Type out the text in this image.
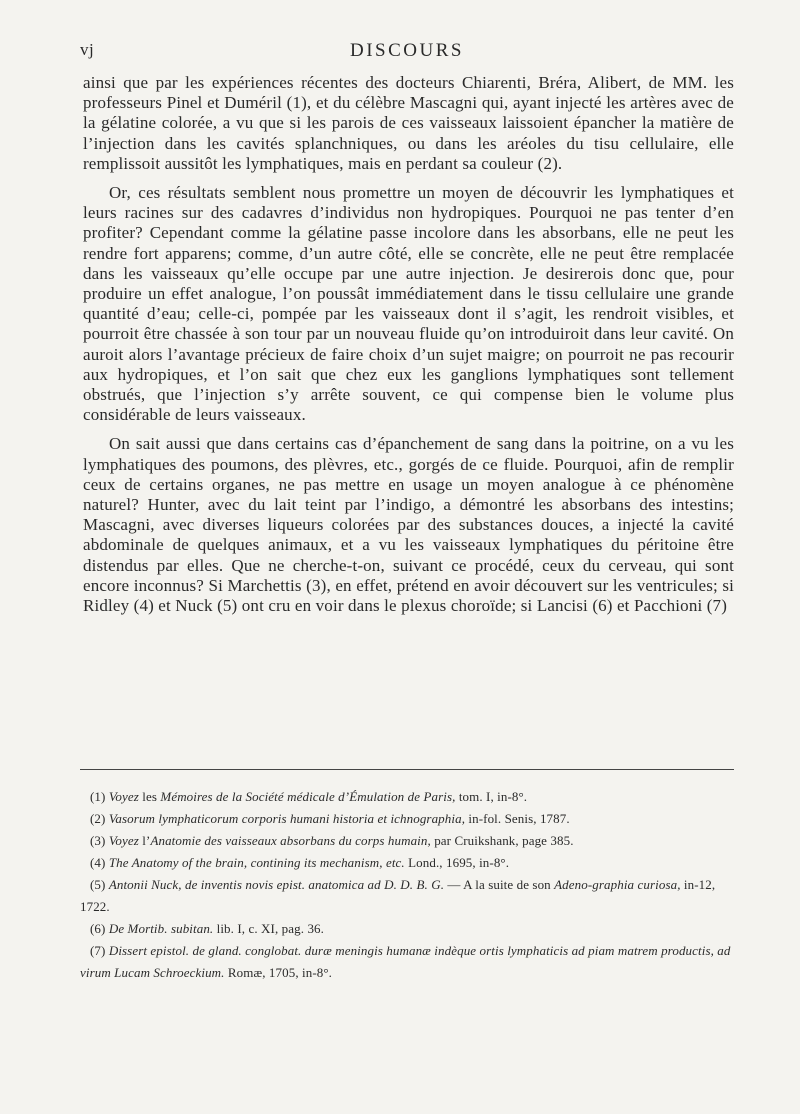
vj	DISCOURS

ainsi que par les expériences récentes des docteurs Chiarenti, Bréra, Alibert, de MM. les professeurs Pinel et Duméril (1), et du célèbre Mascagni qui, ayant injecté les artères avec de la gélatine colorée, a vu que si les parois de ces vaisseaux laissoient épancher la matière de l’injection dans les cavités splanchniques, ou dans les aréoles du tisu cellulaire, elle remplissoit aussitôt les lymphatiques, mais en perdant sa couleur (2).

Or, ces résultats semblent nous promettre un moyen de découvrir les lymphatiques et leurs racines sur des cadavres d’individus non hydropiques. Pourquoi ne pas tenter d’en profiter? Cependant comme la gélatine passe incolore dans les absorbans, elle ne peut les rendre fort apparens; comme, d’un autre côté, elle se concrète, elle ne peut être remplacée dans les vaisseaux qu’elle occupe par une autre injection. Je desirerois donc que, pour produire un effet analogue, l’on poussât immédiatement dans le tissu cellulaire une grande quantité d’eau; celle-ci, pompée par les vaisseaux dont il s’agit, les rendroit visibles, et pourroit être chassée à son tour par un nouveau fluide qu’on introduiroit dans leur cavité. On auroit alors l’avantage précieux de faire choix d’un sujet maigre; on pourroit ne pas recourir aux hydropiques, et l’on sait que chez eux les ganglions lymphatiques sont tellement obstrués, que l’injection s’y arrête souvent, ce qui compense bien le volume plus considérable de leurs vaisseaux.

On sait aussi que dans certains cas d’épanchement de sang dans la poitrine, on a vu les lymphatiques des poumons, des plèvres, etc., gorgés de ce fluide. Pourquoi, afin de remplir ceux de certains organes, ne pas mettre en usage un moyen analogue à ce phénomène naturel? Hunter, avec du lait teint par l’indigo, a démontré les absorbans des intestins; Mascagni, avec diverses liqueurs colorées par des substances douces, a injecté la cavité abdominale de quelques animaux, et a vu les vaisseaux lymphatiques du péritoine être distendus par elles. Que ne cherche-t-on, suivant ce procédé, ceux du cerveau, qui sont encore inconnus? Si Marchettis (3), en effet, prétend en avoir découvert sur les ventricules; si Ridley (4) et Nuck (5) ont cru en voir dans le plexus choroïde; si Lancisi (6) et Pacchioni (7)

(1) Voyez les Mémoires de la Société médicale d’Émulation de Paris, tom. I, in-8°.

(2) Vasorum lymphaticorum corporis humani historia et ichnographia, in-fol. Senis, 1787.

(3) Voyez l’Anatomie des vaisseaux absorbans du corps humain, par Cruikshank, page 385.

(4) The Anatomy of the brain, contining its mechanism, etc. Lond., 1695, in-8°.

(5) Antonii Nuck, de inventis novis epist. anatomica ad D. D. B. G. — A la suite de son Adeno-graphia curiosa, in-12, 1722.

(6) De Mortib. subitan. lib. I, c. XI, pag. 36.

(7) Dissert epistol. de gland. conglobat. duræ meningis humanæ indèque ortis lymphaticis ad piam matrem productis, ad virum Lucam Schroeckium. Romæ, 1705, in-8°.
